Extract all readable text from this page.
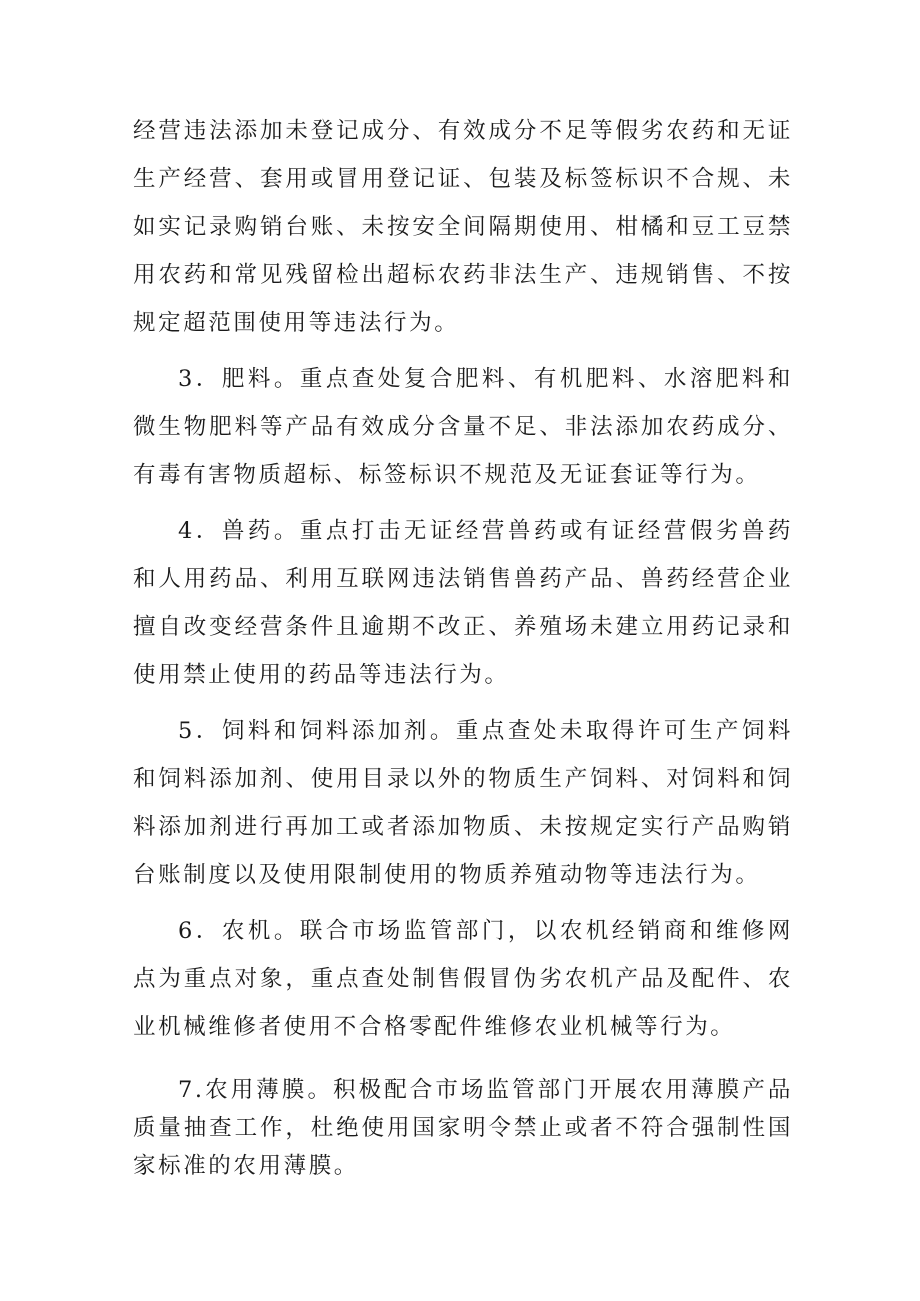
经营违法添加未登记成分、有效成分不足等假劣农药和无证生产经营、套用或冒用登记证、包装及标签标识不合规、未如实记录购销台账、未按安全间隔期使用、柑橘和豆工豆禁用农药和常见残留检出超标农药非法生产、违规销售、不按规定超范围使用等违法行为。

3．肥料。重点查处复合肥料、有机肥料、水溶肥料和微生物肥料等产品有效成分含量不足、非法添加农药成分、有毒有害物质超标、标签标识不规范及无证套证等行为。

4．兽药。重点打击无证经营兽药或有证经营假劣兽药和人用药品、利用互联网违法销售兽药产品、兽药经营企业擅自改变经营条件且逾期不改正、养殖场未建立用药记录和使用禁止使用的药品等违法行为。

5．饲料和饲料添加剂。重点查处未取得许可生产饲料和饲料添加剂、使用目录以外的物质生产饲料、对饲料和饲料添加剂进行再加工或者添加物质、未按规定实行产品购销台账制度以及使用限制使用的物质养殖动物等违法行为。

6．农机。联合市场监管部门，以农机经销商和维修网点为重点对象，重点查处制售假冒伪劣农机产品及配件、农业机械维修者使用不合格零配件维修农业机械等行为。

7.农用薄膜。积极配合市场监管部门开展农用薄膜产品质量抽查工作，杜绝使用国家明令禁止或者不符合强制性国家标准的农用薄膜。
